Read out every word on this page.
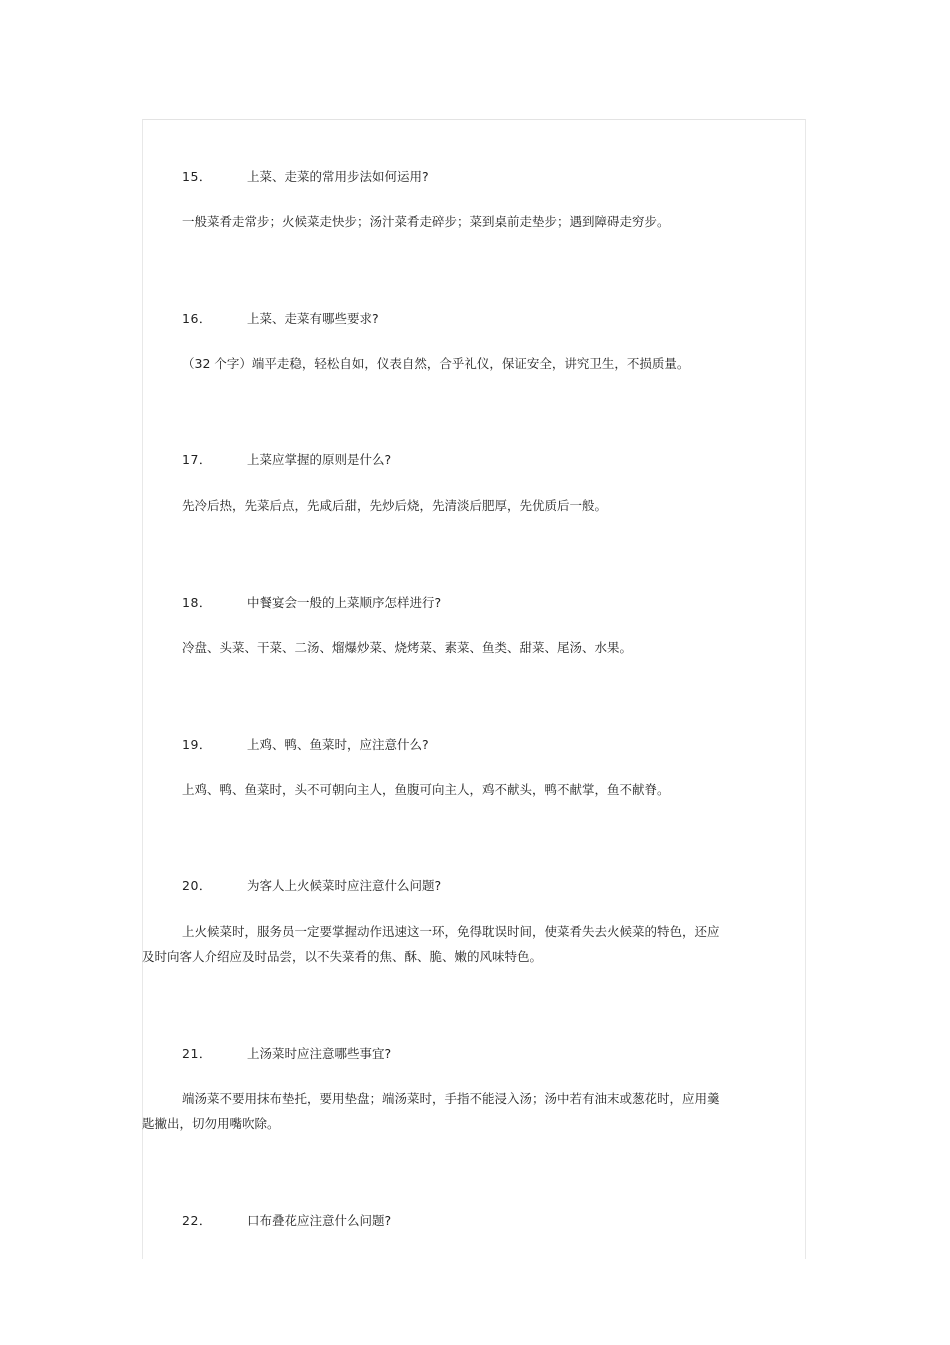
15．	上菜、走菜的常用步法如何运用?
一般菜肴走常步；火候菜走快步；汤汁菜肴走碎步；菜到桌前走垫步；遇到障碍走穷步。
16．	上菜、走菜有哪些要求?
（32 个字）端平走稳，轻松自如，仪表自然，合乎礼仪，保证安全，讲究卫生，不损质量。
17．	上菜应掌握的原则是什么?
先冷后热，先菜后点，先咸后甜，先炒后烧，先清淡后肥厚，先优质后一般。
18．	中餐宴会一般的上菜顺序怎样进行?
冷盘、头菜、干菜、二汤、熘爆炒菜、烧烤菜、素菜、鱼类、甜菜、尾汤、水果。
19．	上鸡、鸭、鱼菜时，应注意什么?
上鸡、鸭、鱼菜时，头不可朝向主人，鱼腹可向主人，鸡不献头，鸭不献掌，鱼不献脊。
20．	为客人上火候菜时应注意什么问题?
上火候菜时，服务员一定要掌握动作迅速这一环，免得耽误时间，使菜肴失去火候菜的特色，还应
及时向客人介绍应及时品尝，以不失菜肴的焦、酥、脆、嫩的风味特色。
21．	上汤菜时应注意哪些事宜?
端汤菜不要用抹布垫托，要用垫盘；端汤菜时，手指不能浸入汤；汤中若有油末或葱花时，应用羹
匙撇出，切勿用嘴吹除。
22．	口布叠花应注意什么问题?
